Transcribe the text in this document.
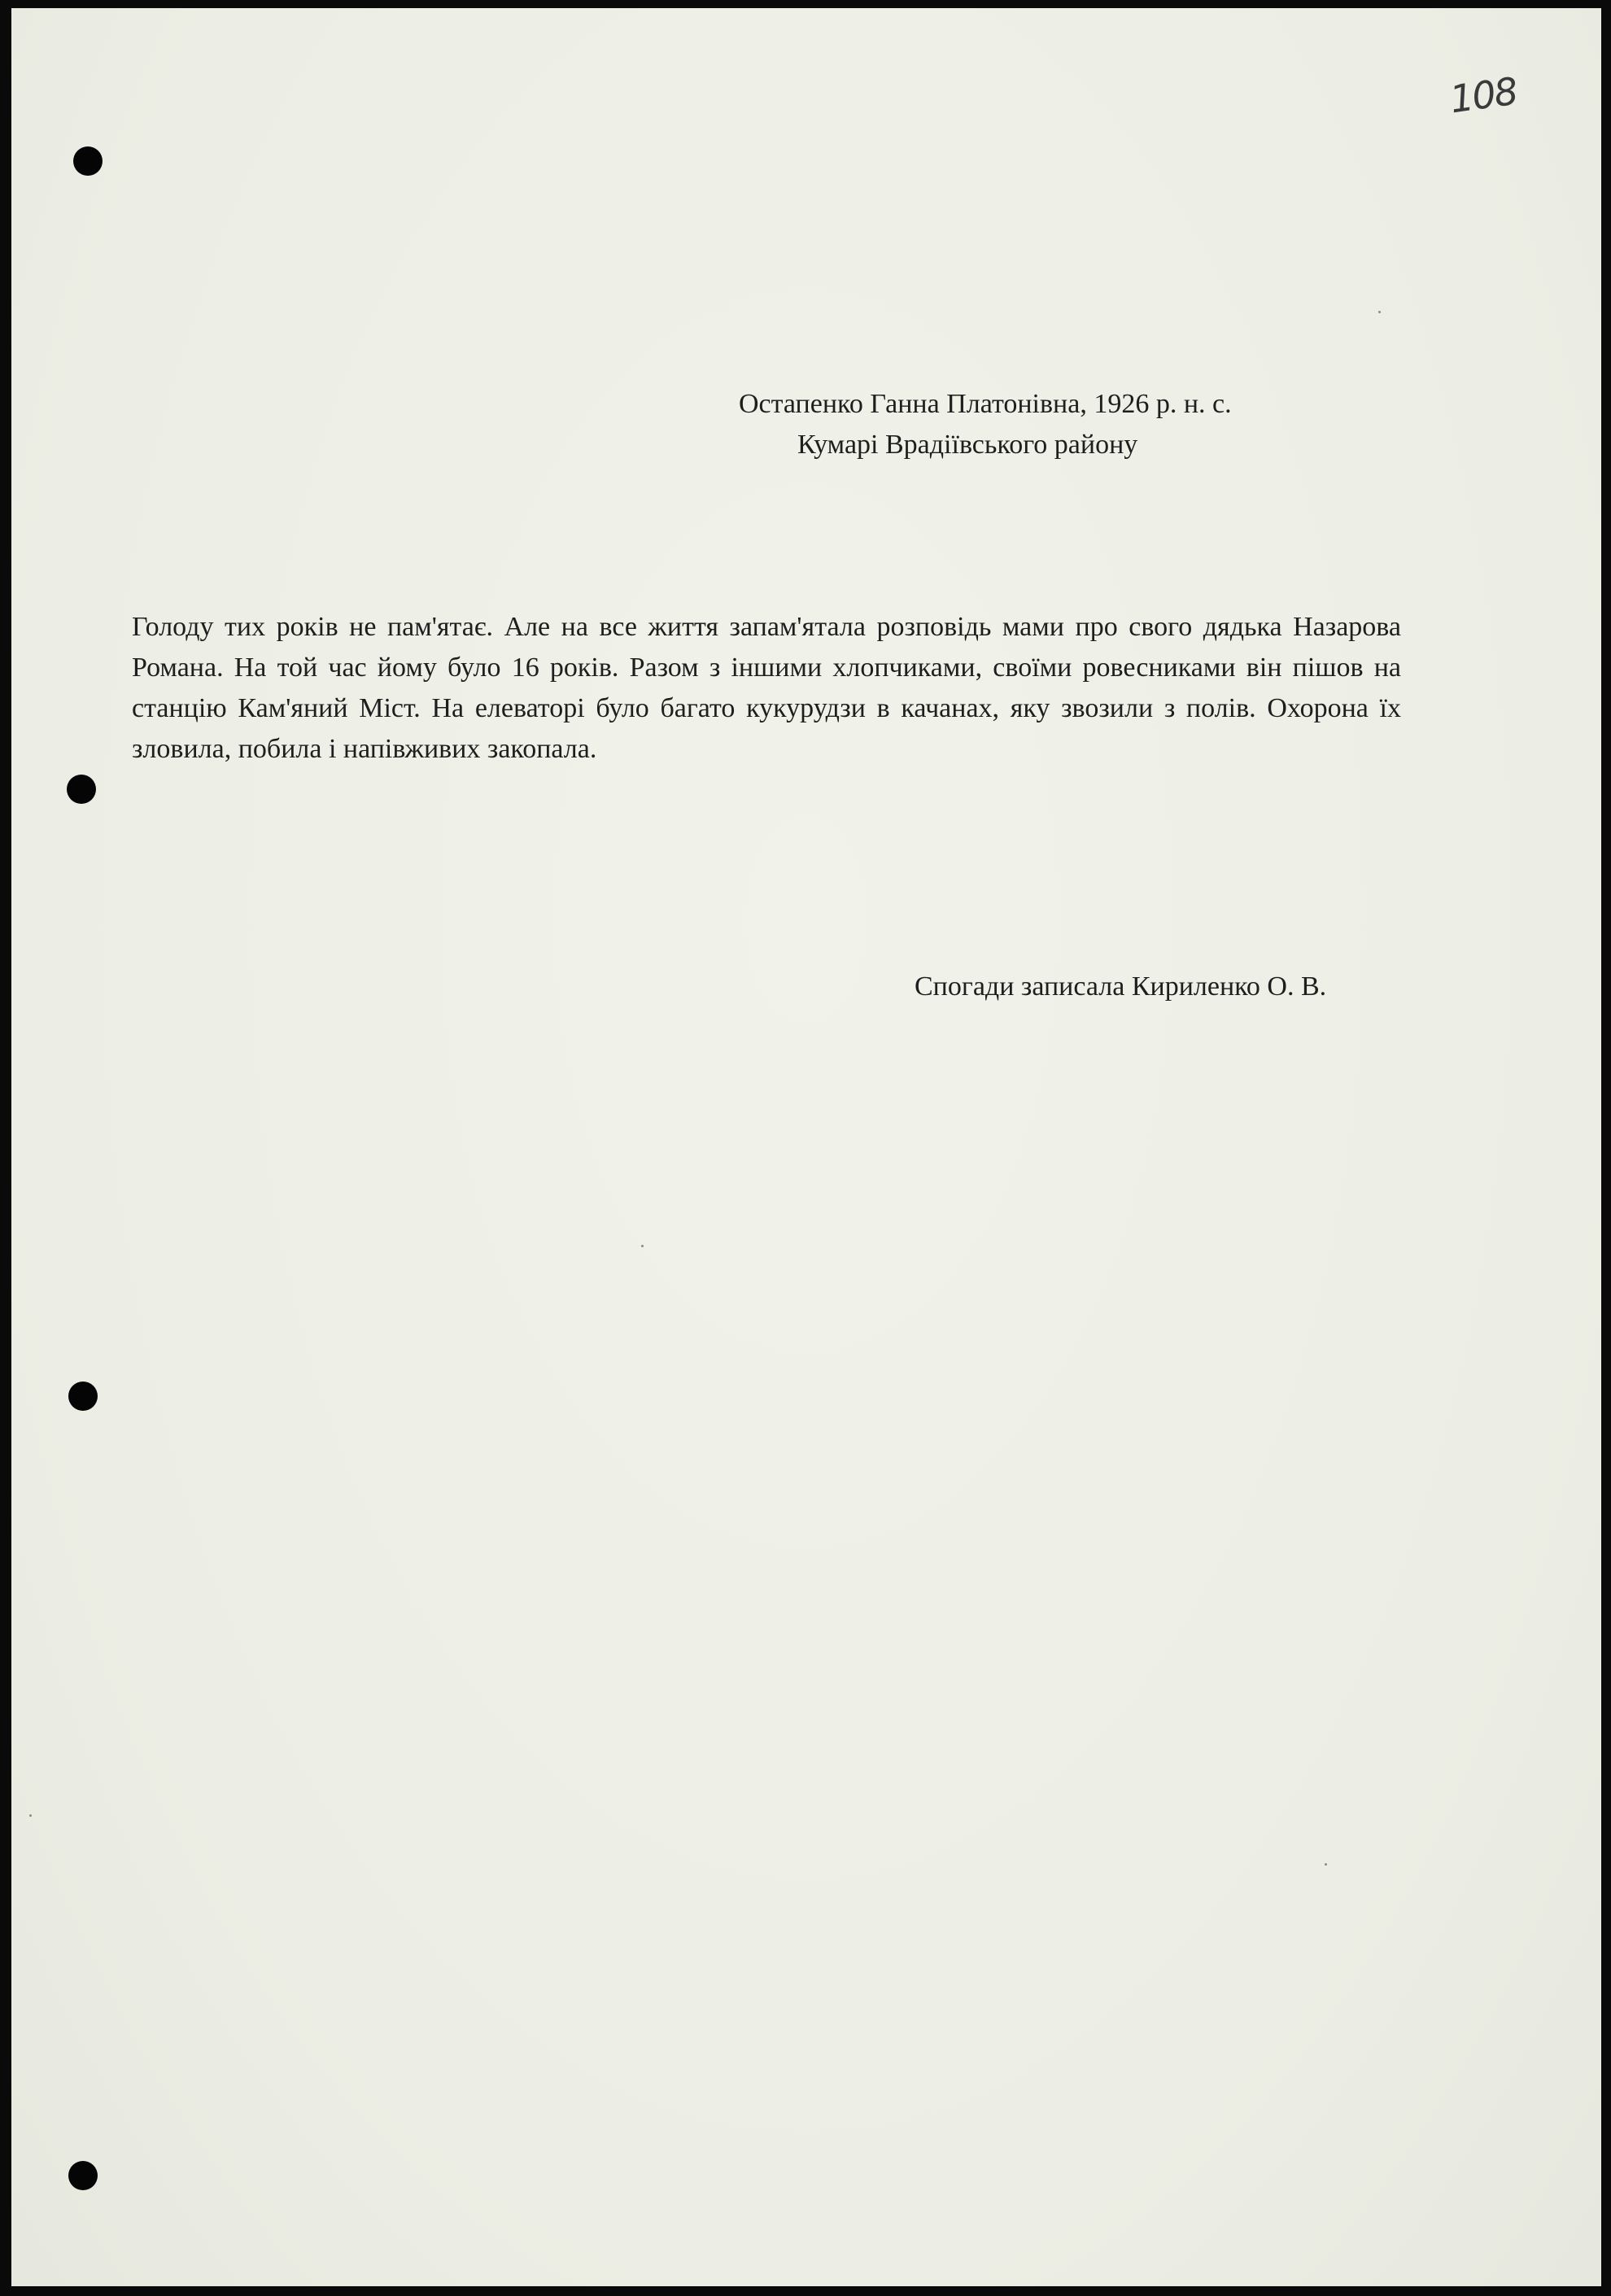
108
Остапенко Ганна Платонівна, 1926 р. н. с.
Кумарі Врадіївського району

Голоду тих років не пам'ятає. Але на все життя запам'ятала розповідь мами про свого дядька Назарова Романа. На той час йому було 16 років. Разом з іншими хлопчиками, своїми ровесниками він пішов на станцію Кам'яний Міст. На елеваторі було багато кукурудзи в качанах, яку звозили з полів. Охорона їх зловила, побила і напівживих закопала.

Спогади записала Кириленко О. В.
